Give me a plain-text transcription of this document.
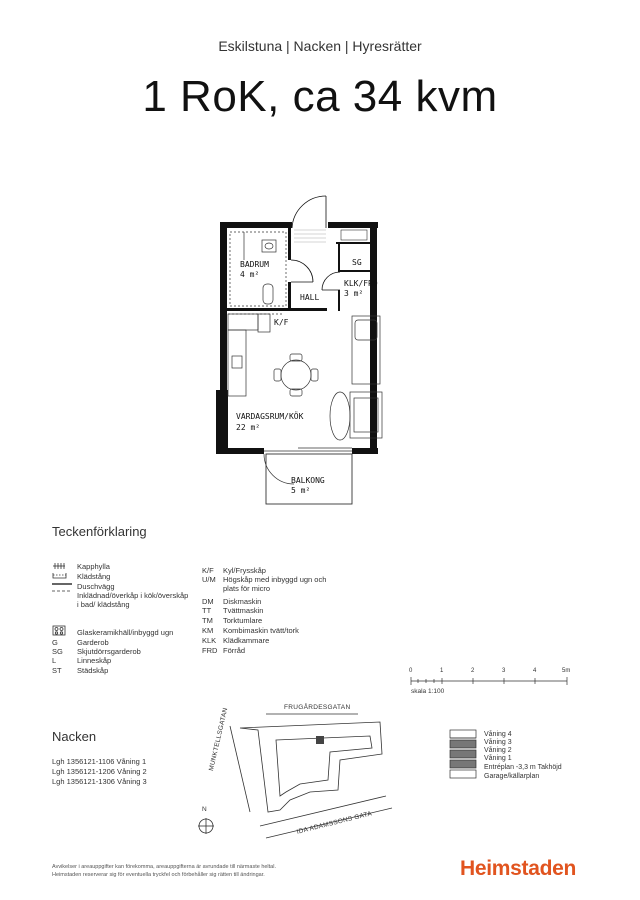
Eskilstuna | Nacken | Hyresrätter
1 RoK, ca 34 kvm
BADRUM
4 m²
SG
KLK/FRD
3 m²
HALL
K/F
VARDAGSRUM/KÖK
22 m²
BALKONG
5 m²
Teckenförklaring
Kapphylla
Klädstång
Duschvägg
Inklädnad/överkåp i kök/överskåp i bad/ klädstång
Glaskeramikhäll/inbyggd ugn
G	Garderob
SG Skjutdörrsgarderob
L	Linneskåp
ST Städskåp
K/F Kyl/Frysskåp
U/M Högskåp med inbyggd ugn och plats för micro
DM Diskmaskin
TT Tvättmaskin
TM Torktumlare
KM Kombimaskin tvätt/tork
KLK Klädkammare
FRD Förråd
0	1	2	3	4	5m
skala 1:100
Nacken
Lgh 1356121-1106 Våning 1
Lgh 1356121-1206 Våning 2
Lgh 1356121-1306 Våning 3
FRUGÅRDESGATAN
MUNKTELLSGATAN
IDA ADAMSSONS GATA
N
Våning 4
Våning 3
Våning 2
Våning 1
Entréplan -3,3 m Takhöjd
Garage/källarplan
Avvikelser i areauppgifter kan förekomma, areauppgifterna är avrundade till närmaste heltal.
Heimstaden reserverar sig för eventuella tryckfel och förbehåller sig rätten till ändringar.	Heimstaden
